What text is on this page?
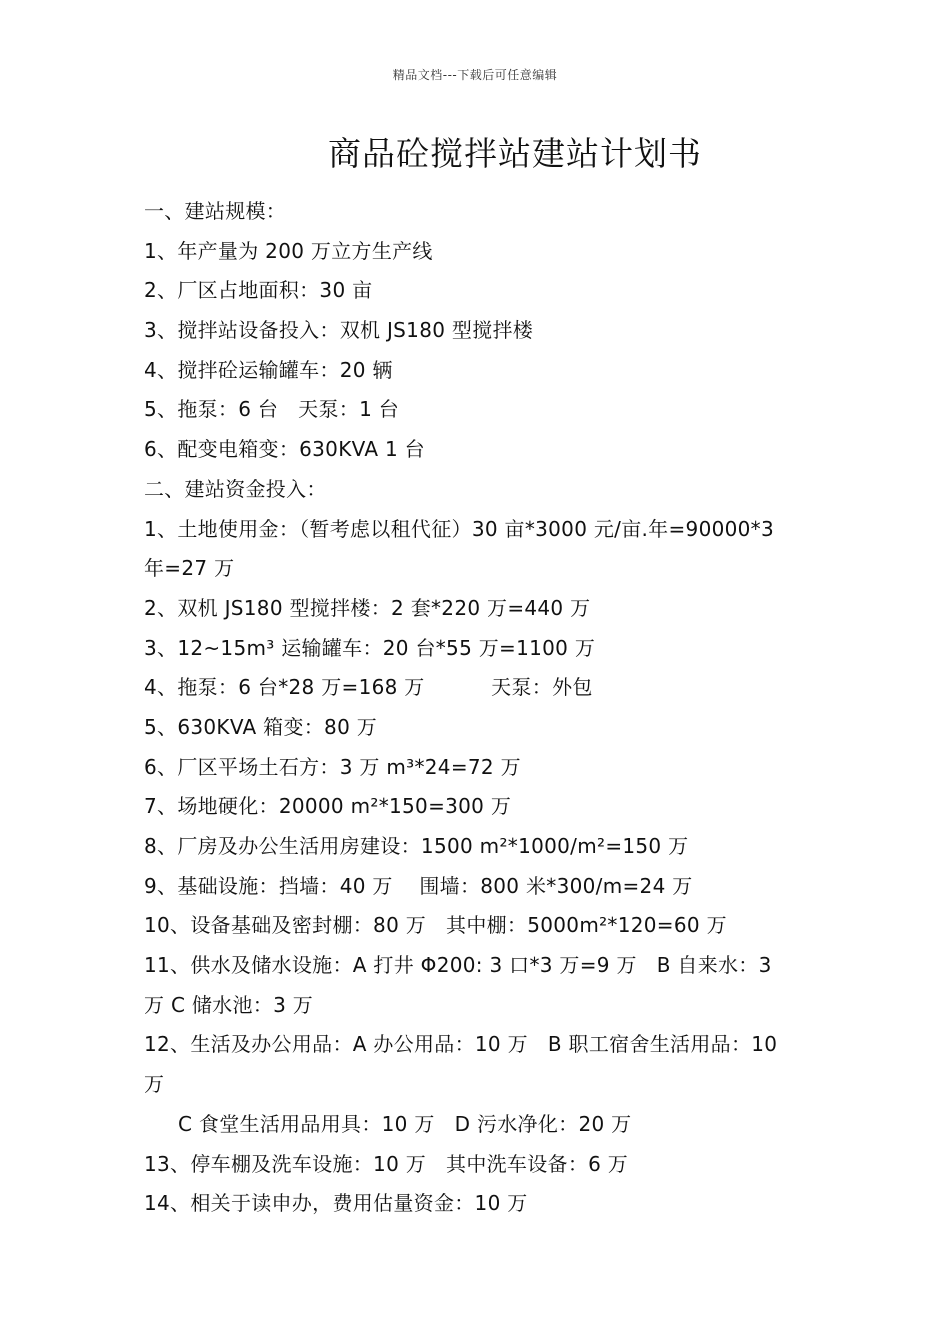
精品文档---下载后可任意编辑
商品砼搅拌站建站计划书
一、建站规模：
1、年产量为 200 万立方生产线
2、厂区占地面积：30 亩
3、搅拌站设备投入：双机 JS180 型搅拌楼
4、搅拌砼运输罐车：20 辆
5、拖泵：6 台   天泵：1 台
6、配变电箱变：630KVA 1 台
二、建站资金投入：
1、土地使用金：（暂考虑以租代征）30 亩*3000 元/亩.年=90000*3
年=27 万
2、双机 JS180 型搅拌楼：2 套*220 万=440 万
3、12~15m³ 运输罐车：20 台*55 万=1100 万
4、拖泵：6 台*28 万=168 万          天泵：外包
5、630KVA 箱变：80 万
6、厂区平场土石方：3 万 m³*24=72 万
7、场地硬化：20000 m²*150=300 万
8、厂房及办公生活用房建设：1500 m²*1000/m²=150 万
9、基础设施：挡墙：40 万    围墙：800 米*300/m=24 万
10、设备基础及密封棚：80 万   其中棚：5000m²*120=60 万
11、供水及储水设施：A 打井 Φ200: 3 口*3 万=9 万   B 自来水：3
万 C 储水池：3 万
12、生活及办公用品：A 办公用品：10 万   B 职工宿舍生活用品：10
万
C 食堂生活用品用具：10 万   D 污水净化：20 万
13、停车棚及洗车设施：10 万   其中洗车设备：6 万
14、相关于读申办，费用估量资金：10 万
